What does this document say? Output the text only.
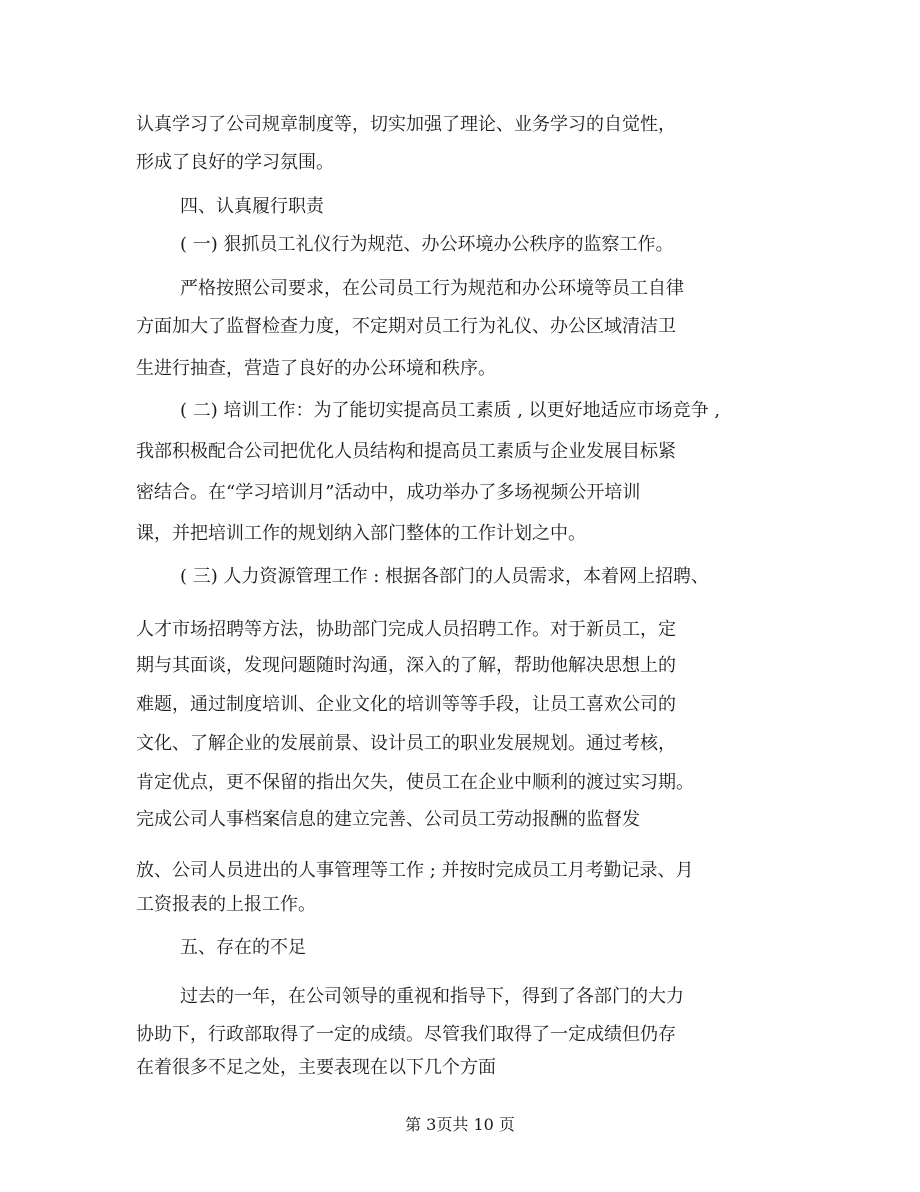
认真学习了公司规章制度等，切实加强了理论、业务学习的自觉性，

形成了良好的学习氛围。

四、认真履行职责

( 一) 狠抓员工礼仪行为规范、办公环境办公秩序的监察工作。

严格按照公司要求，在公司员工行为规范和办公环境等员工自律

方面加大了监督检查力度，不定期对员工行为礼仪、办公区域清洁卫

生进行抽查，营造了良好的办公环境和秩序。

( 二) 培训工作：为了能切实提高员工素质 , 以更好地适应市场竞争 ,

我部积极配合公司把优化人员结构和提高员工素质与企业发展目标紧

密结合。在“学习培训月”活动中，成功举办了多场视频公开培训

课，并把培训工作的规划纳入部门整体的工作计划之中。

( 三) 人力资源管理工作 : 根据各部门的人员需求，本着网上招聘、

人才市场招聘等方法，协助部门完成人员招聘工作。对于新员工，定

期与其面谈，发现问题随时沟通，深入的了解，帮助他解决思想上的

难题，通过制度培训、企业文化的培训等等手段，让员工喜欢公司的

文化、了解企业的发展前景、设计员工的职业发展规划。通过考核，

肯定优点，更不保留的指出欠失，使员工在企业中顺利的渡过实习期。

完成公司人事档案信息的建立完善、公司员工劳动报酬的监督发

放、公司人员进出的人事管理等工作 ; 并按时完成员工月考勤记录、月

工资报表的上报工作。

五、存在的不足

过去的一年，在公司领导的重视和指导下，得到了各部门的大力

协助下，行政部取得了一定的成绩。尽管我们取得了一定成绩但仍存

在着很多不足之处，主要表现在以下几个方面

第 3页共 10 页
